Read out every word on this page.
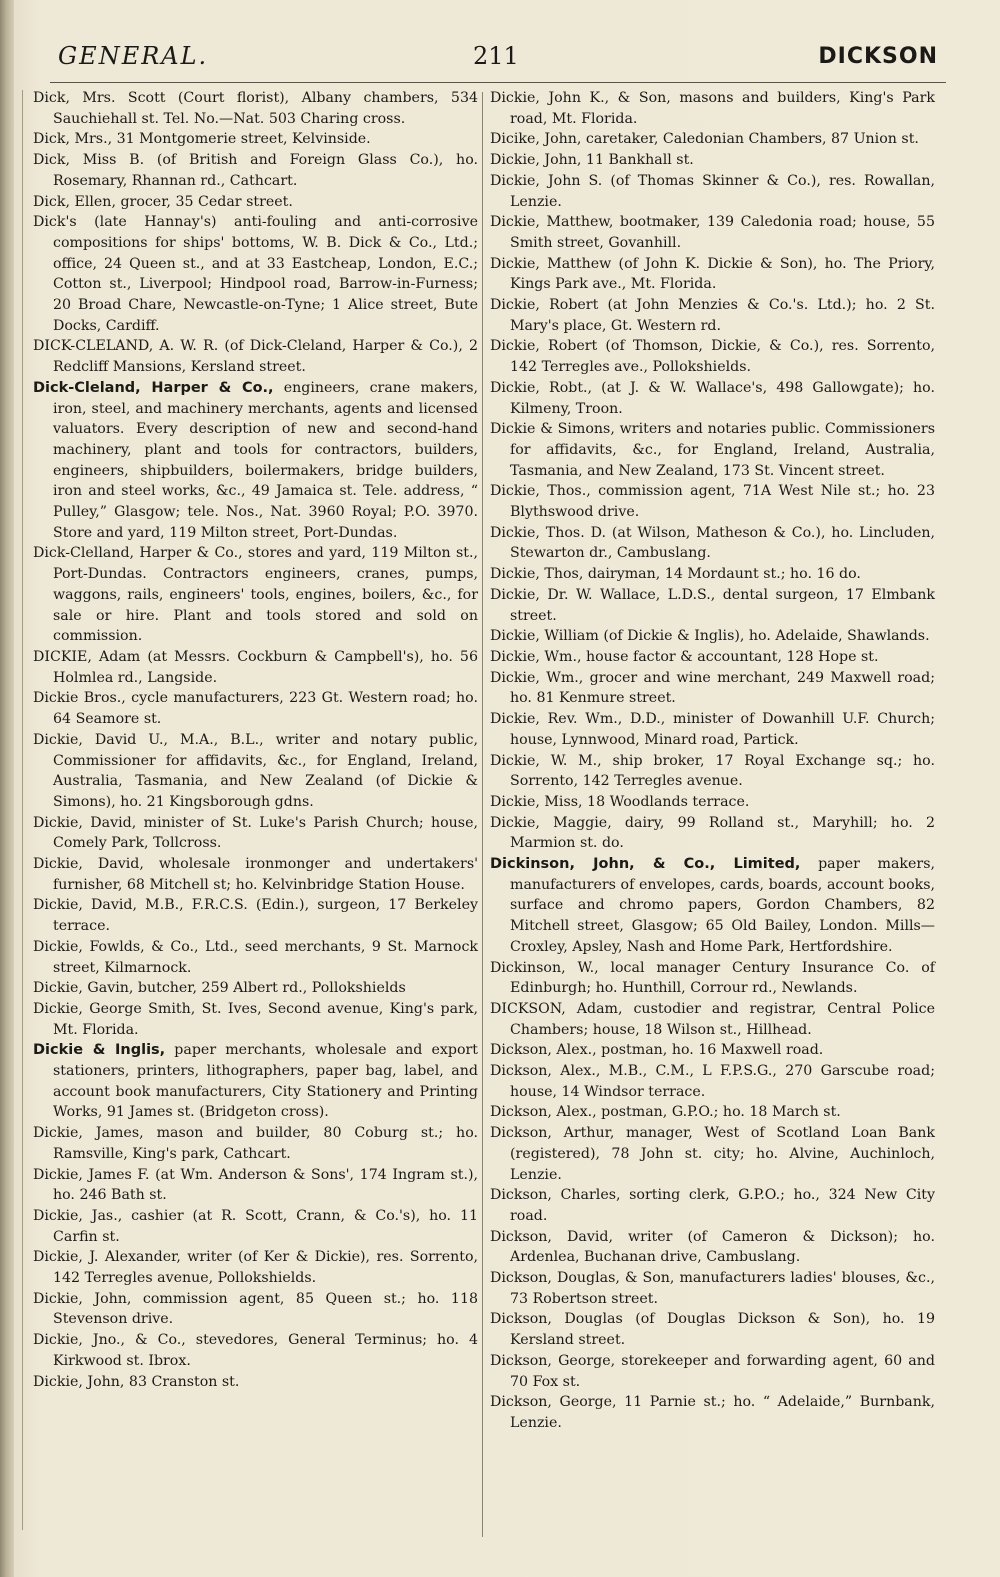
GENERAL.	211	DICKSON

Dick, Mrs. Scott (Court florist), Albany chambers, 534 Sauchiehall st. Tel. No.—Nat. 503 Charing cross.

Dick, Mrs., 31 Montgomerie street, Kelvinside.

Dick, Miss B. (of British and Foreign Glass Co.), ho. Rosemary, Rhannan rd., Cathcart.

Dick, Ellen, grocer, 35 Cedar street.

Dick's (late Hannay's) anti-fouling and anti-corrosive compositions for ships' bottoms, W. B. Dick & Co., Ltd.; office, 24 Queen st., and at 33 Eastcheap, London, E.C.; Cotton st., Liverpool; Hindpool road, Barrow-in-Furness; 20 Broad Chare, Newcastle-on-Tyne; 1 Alice street, Bute Docks, Cardiff.

DICK-CLELAND, A. W. R. (of Dick-Cleland, Harper & Co.), 2 Redcliff Mansions, Kersland street.

Dick-Cleland, Harper & Co., engineers, crane makers, iron, steel, and machinery merchants, agents and licensed valuators. Every description of new and second-hand machinery, plant and tools for contractors, builders, engineers, shipbuilders, boilermakers, bridge builders, iron and steel works, &c., 49 Jamaica st. Tele. address, “ Pulley,” Glasgow; tele. Nos., Nat. 3960 Royal; P.O. 3970. Store and yard, 119 Milton street, Port-Dundas.

Dick-Clelland, Harper & Co., stores and yard, 119 Milton st., Port-Dundas. Contractors engineers, cranes, pumps, waggons, rails, engineers' tools, engines, boilers, &c., for sale or hire. Plant and tools stored and sold on commission.

DICKIE, Adam (at Messrs. Cockburn & Campbell's), ho. 56 Holmlea rd., Langside.

Dickie Bros., cycle manufacturers, 223 Gt. Western road; ho. 64 Seamore st.

Dickie, David U., M.A., B.L., writer and notary public, Commissioner for affidavits, &c., for England, Ireland, Australia, Tasmania, and New Zealand (of Dickie & Simons), ho. 21 Kingsborough gdns.

Dickie, David, minister of St. Luke's Parish Church; house, Comely Park, Tollcross.

Dickie, David, wholesale ironmonger and undertakers' furnisher, 68 Mitchell st; ho. Kelvinbridge Station House.

Dickie, David, M.B., F.R.C.S. (Edin.), surgeon, 17 Berkeley terrace.

Dickie, Fowlds, & Co., Ltd., seed merchants, 9 St. Marnock street, Kilmarnock.

Dickie, Gavin, butcher, 259 Albert rd., Pollokshields

Dickie, George Smith, St. Ives, Second avenue, King's park, Mt. Florida.

Dickie & Inglis, paper merchants, wholesale and export stationers, printers, lithographers, paper bag, label, and account book manufacturers, City Stationery and Printing Works, 91 James st. (Bridgeton cross).

Dickie, James, mason and builder, 80 Coburg st.; ho. Ramsville, King's park, Cathcart.

Dickie, James F. (at Wm. Anderson & Sons', 174 Ingram st.), ho. 246 Bath st.

Dickie, Jas., cashier (at R. Scott, Crann, & Co.'s), ho. 11 Carfin st.

Dickie, J. Alexander, writer (of Ker & Dickie), res. Sorrento, 142 Terregles avenue, Pollokshields.

Dickie, John, commission agent, 85 Queen st.; ho. 118 Stevenson drive.

Dickie, Jno., & Co., stevedores, General Terminus; ho. 4 Kirkwood st. Ibrox.

Dickie, John, 83 Cranston st.

Dickie, John K., & Son, masons and builders, King's Park road, Mt. Florida.

Dicike, John, caretaker, Caledonian Chambers, 87 Union st.

Dickie, John, 11 Bankhall st.

Dickie, John S. (of Thomas Skinner & Co.), res. Rowallan, Lenzie.

Dickie, Matthew, bootmaker, 139 Caledonia road; house, 55 Smith street, Govanhill.

Dickie, Matthew (of John K. Dickie & Son), ho. The Priory, Kings Park ave., Mt. Florida.

Dickie, Robert (at John Menzies & Co.'s. Ltd.); ho. 2 St. Mary's place, Gt. Western rd.

Dickie, Robert (of Thomson, Dickie, & Co.), res. Sorrento, 142 Terregles ave., Pollokshields.

Dickie, Robt., (at J. & W. Wallace's, 498 Gallowgate); ho. Kilmeny, Troon.

Dickie & Simons, writers and notaries public. Commissioners for affidavits, &c., for England, Ireland, Australia, Tasmania, and New Zealand, 173 St. Vincent street.

Dickie, Thos., commission agent, 71A West Nile st.; ho. 23 Blythswood drive.

Dickie, Thos. D. (at Wilson, Matheson & Co.), ho. Lincluden, Stewarton dr., Cambuslang.

Dickie, Thos, dairyman, 14 Mordaunt st.; ho. 16 do.

Dickie, Dr. W. Wallace, L.D.S., dental surgeon, 17 Elmbank street.

Dickie, William (of Dickie & Inglis), ho. Adelaide, Shawlands.

Dickie, Wm., house factor & accountant, 128 Hope st.

Dickie, Wm., grocer and wine merchant, 249 Maxwell road; ho. 81 Kenmure street.

Dickie, Rev. Wm., D.D., minister of Dowanhill U.F. Church; house, Lynnwood, Minard road, Partick.

Dickie, W. M., ship broker, 17 Royal Exchange sq.; ho. Sorrento, 142 Terregles avenue.

Dickie, Miss, 18 Woodlands terrace.

Dickie, Maggie, dairy, 99 Rolland st., Maryhill; ho. 2 Marmion st. do.

Dickinson, John, & Co., Limited, paper makers, manufacturers of envelopes, cards, boards, account books, surface and chromo papers, Gordon Chambers, 82 Mitchell street, Glasgow; 65 Old Bailey, London. Mills—Croxley, Apsley, Nash and Home Park, Hertfordshire.

Dickinson, W., local manager Century Insurance Co. of Edinburgh; ho. Hunthill, Corrour rd., Newlands.

DICKSON, Adam, custodier and registrar, Central Police Chambers; house, 18 Wilson st., Hillhead.

Dickson, Alex., postman, ho. 16 Maxwell road.

Dickson, Alex., M.B., C.M., L F.P.S.G., 270 Garscube road; house, 14 Windsor terrace.

Dickson, Alex., postman, G.P.O.; ho. 18 March st.

Dickson, Arthur, manager, West of Scotland Loan Bank (registered), 78 John st. city; ho. Alvine, Auchinloch, Lenzie.

Dickson, Charles, sorting clerk, G.P.O.; ho., 324 New City road.

Dickson, David, writer (of Cameron & Dickson); ho. Ardenlea, Buchanan drive, Cambuslang.

Dickson, Douglas, & Son, manufacturers ladies' blouses, &c., 73 Robertson street.

Dickson, Douglas (of Douglas Dickson & Son), ho. 19 Kersland street.

Dickson, George, storekeeper and forwarding agent, 60 and 70 Fox st.

Dickson, George, 11 Parnie st.; ho. “ Adelaide,” Burnbank, Lenzie.
